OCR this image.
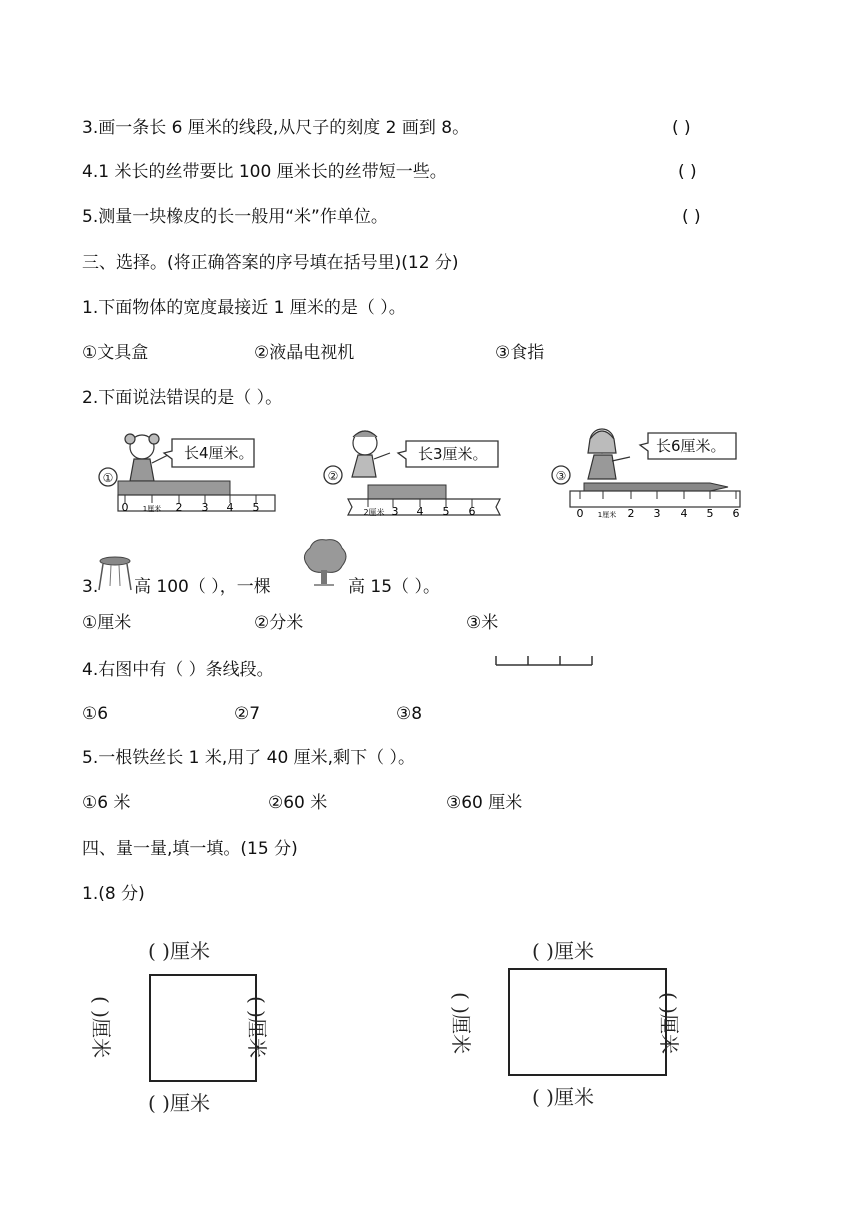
3.画一条长 6 厘米的线段,从尺子的刻度 2 画到 8。	( )
4.1 米长的丝带要比 100 厘米长的丝带短一些。	( )
5.测量一块橡皮的长一般用“米”作单位。	( )
三、选择。(将正确答案的序号填在括号里)(12 分)
1.下面物体的宽度最接近 1 厘米的是（ ）。
①文具盒	②液晶电视机	③食指
2.下面说法错误的是（ ）。
①
长4厘米。
0 1厘米 2 3 4 5
②
长3厘米。
2厘米 3 4 5 6
③
长6厘米。
0 1厘米 2 3 4 5 6
3. 高 100（ ），一棵	高 15（ ）。
①厘米	②分米	③米
4.右图中有（ ）条线段。
①6	②7	③8
5.一根铁丝长 1 米,用了 40 厘米,剩下（ ）。
①6 米	②60 米	③60 厘米
四、量一量,填一填。(15 分)
1.(8 分)
( )厘米
( )厘米
( )厘米	( )厘米
( )厘米
( )厘米
( )厘米	( )厘米
